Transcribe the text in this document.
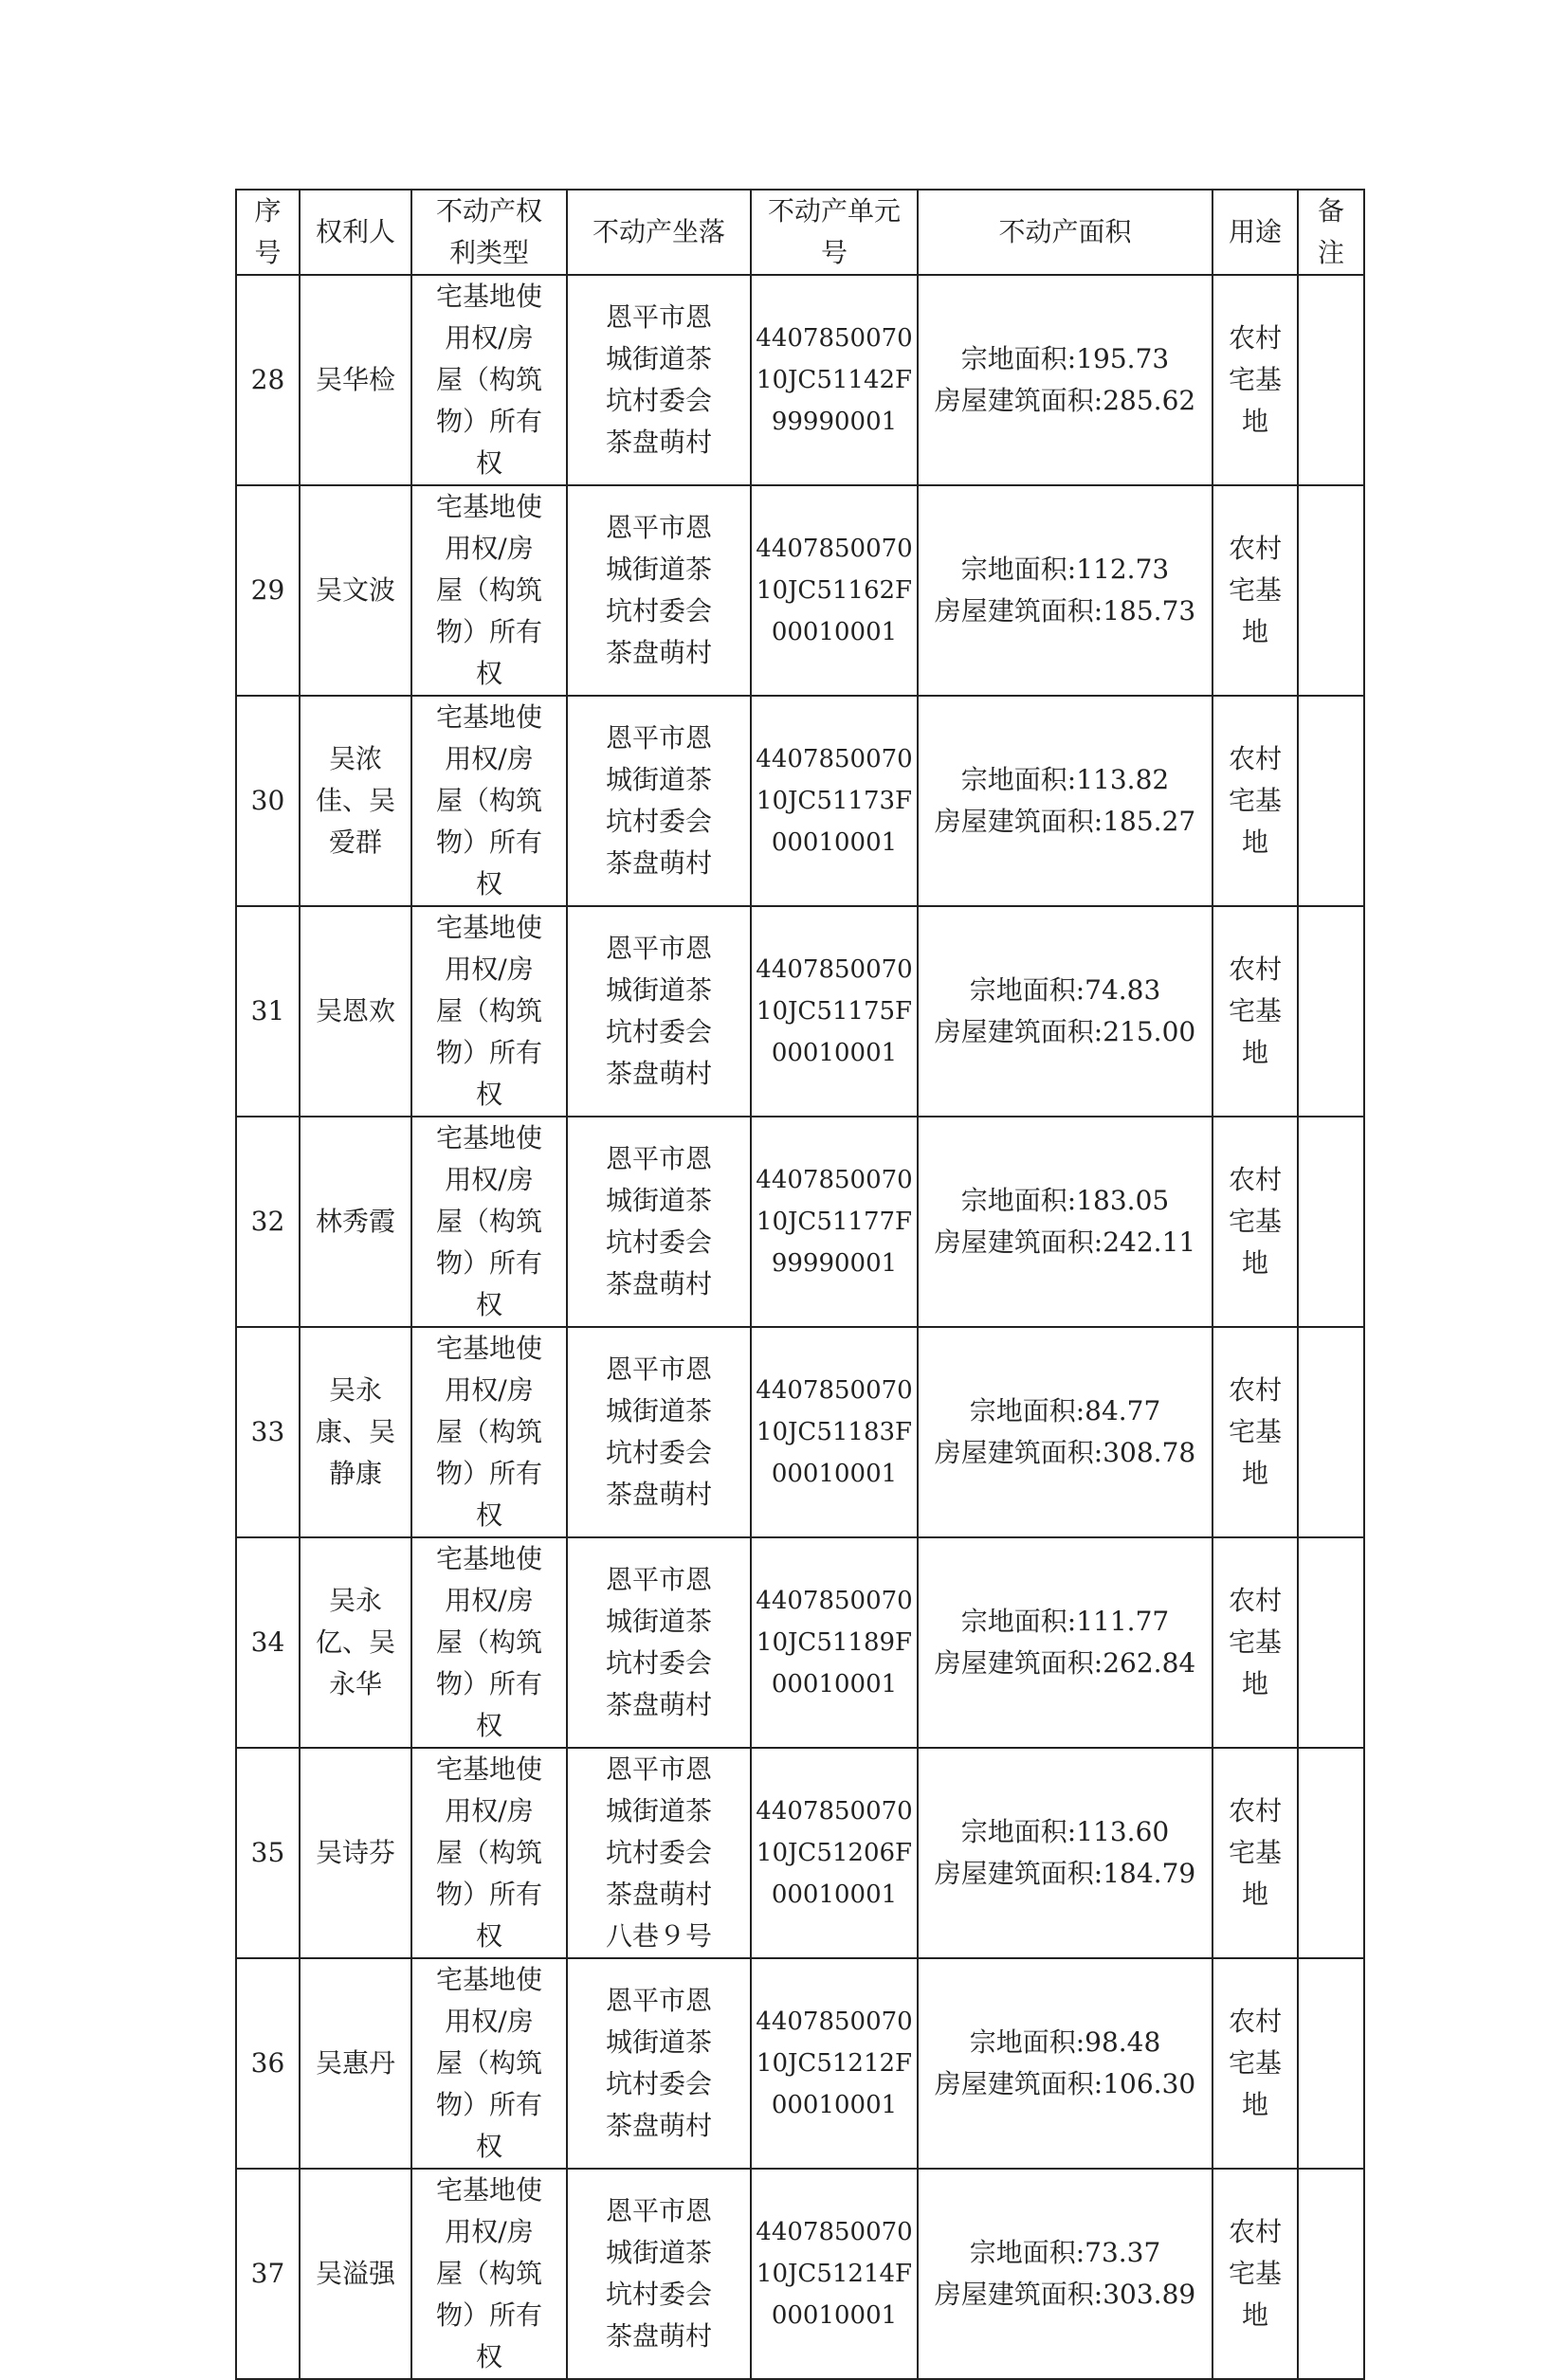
序号	权利人	不动产权利类型	不动产坐落	不动产单元号	不动产面积	用途	备注
28	吴华检	宅基地使用权/房屋（构筑物）所有权	恩平市恩城街道茶坑村委会茶盘萌村	440785007010JC51142F99990001	宗地面积:195.73
房屋建筑面积:285.62	农村宅基地	
29	吴文波	宅基地使用权/房屋（构筑物）所有权	恩平市恩城街道茶坑村委会茶盘萌村	440785007010JC51162F00010001	宗地面积:112.73
房屋建筑面积:185.73	农村宅基地	
30	吴浓佳、吴爱群	宅基地使用权/房屋（构筑物）所有权	恩平市恩城街道茶坑村委会茶盘萌村	440785007010JC51173F00010001	宗地面积:113.82
房屋建筑面积:185.27	农村宅基地	
31	吴恩欢	宅基地使用权/房屋（构筑物）所有权	恩平市恩城街道茶坑村委会茶盘萌村	440785007010JC51175F00010001	宗地面积:74.83
房屋建筑面积:215.00	农村宅基地	
32	林秀霞	宅基地使用权/房屋（构筑物）所有权	恩平市恩城街道茶坑村委会茶盘萌村	440785007010JC51177F99990001	宗地面积:183.05
房屋建筑面积:242.11	农村宅基地	
33	吴永康、吴静康	宅基地使用权/房屋（构筑物）所有权	恩平市恩城街道茶坑村委会茶盘萌村	440785007010JC51183F00010001	宗地面积:84.77
房屋建筑面积:308.78	农村宅基地	
34	吴永亿、吴永华	宅基地使用权/房屋（构筑物）所有权	恩平市恩城街道茶坑村委会茶盘萌村	440785007010JC51189F00010001	宗地面积:111.77
房屋建筑面积:262.84	农村宅基地	
35	吴诗芬	宅基地使用权/房屋（构筑物）所有权	恩平市恩城街道茶坑村委会茶盘萌村八巷９号	440785007010JC51206F00010001	宗地面积:113.60
房屋建筑面积:184.79	农村宅基地	
36	吴惠丹	宅基地使用权/房屋（构筑物）所有权	恩平市恩城街道茶坑村委会茶盘萌村	440785007010JC51212F00010001	宗地面积:98.48
房屋建筑面积:106.30	农村宅基地	
37	吴溢强	宅基地使用权/房屋（构筑物）所有权	恩平市恩城街道茶坑村委会茶盘萌村	440785007010JC51214F00010001	宗地面积:73.37
房屋建筑面积:303.89	农村宅基地	
